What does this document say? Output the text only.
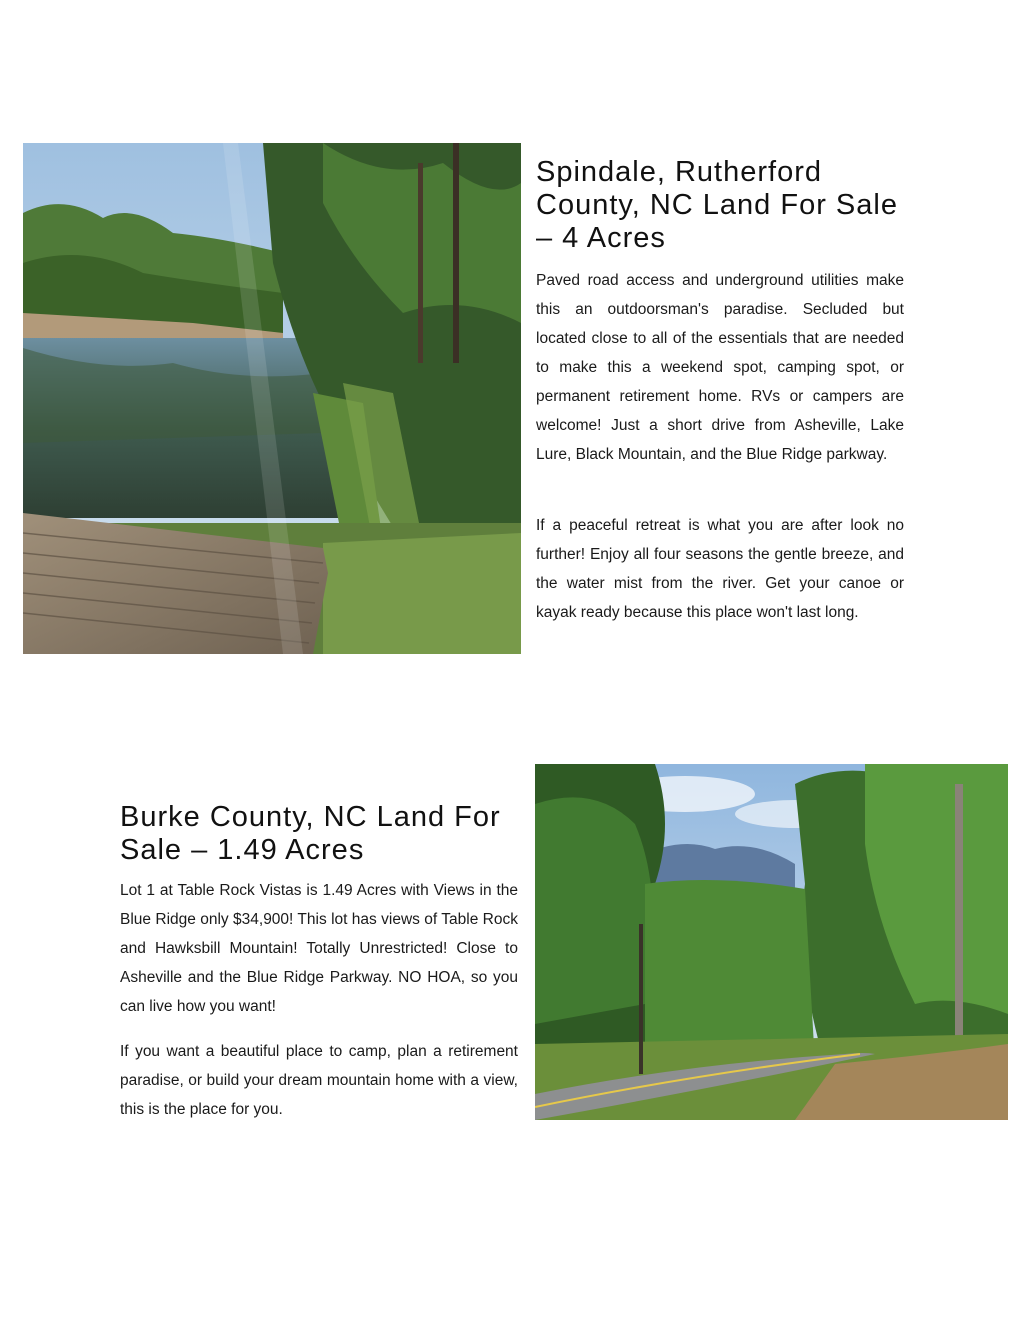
Spindale, Rutherford County, NC Land For Sale – 4 Acres

Paved road access and underground utilities make this an outdoorsman's paradise. Secluded but located close to all of the essentials that are needed to make this a weekend spot, camping spot, or permanent retirement home. RVs or campers are welcome! Just a short drive from Asheville, Lake Lure, Black Mountain, and the Blue Ridge parkway.

If a peaceful retreat is what you are after look no further! Enjoy all four seasons the gentle breeze, and the water mist from the river. Get your canoe or kayak ready because this place won't last long.

Burke County, NC Land For Sale – 1.49 Acres

Lot 1 at Table Rock Vistas is 1.49 Acres with Views in the Blue Ridge only $34,900! This lot has views of Table Rock and Hawksbill Mountain! Totally Unrestricted! Close to Asheville and the Blue Ridge Parkway. NO HOA, so you can live how you want!

If you want a beautiful place to camp, plan a retirement paradise, or build your dream mountain home with a view, this is the place for you.
